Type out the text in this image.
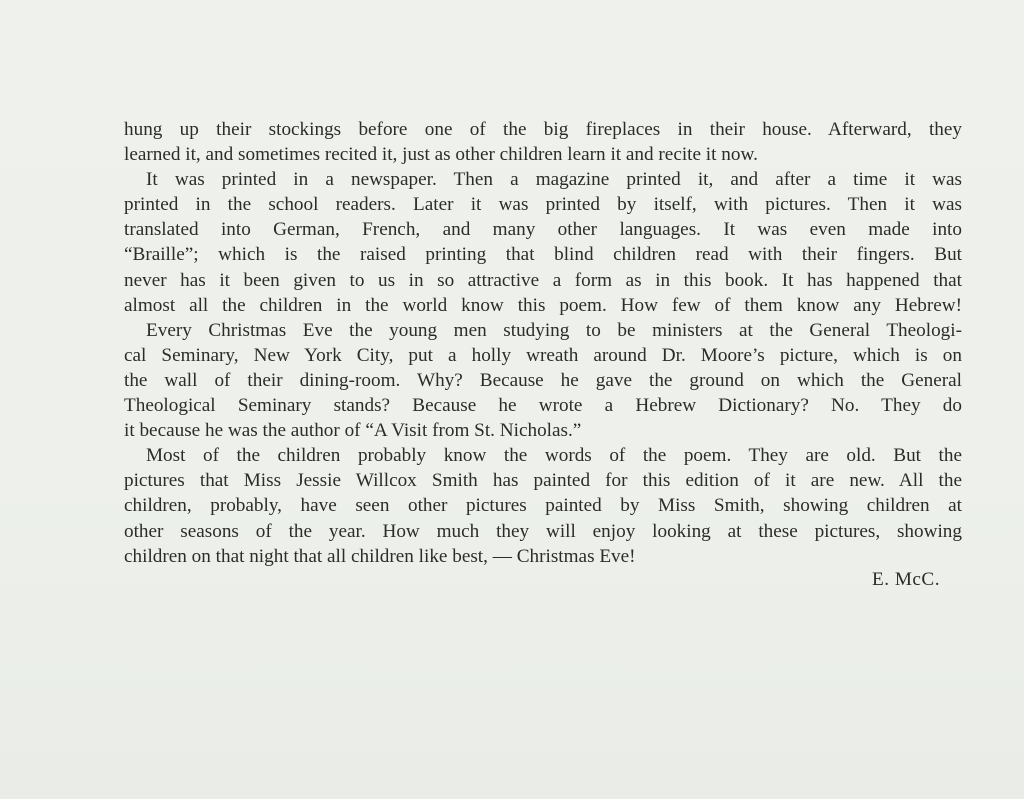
hung up their stockings before one of the big fireplaces in their house. Afterward, they
learned it, and sometimes recited it, just as other children learn it and recite it now.
It was printed in a newspaper. Then a magazine printed it, and after a time it was
printed in the school readers. Later it was printed by itself, with pictures. Then it was
translated into German, French, and many other languages. It was even made into
“Braille”; which is the raised printing that blind children read with their fingers. But
never has it been given to us in so attractive a form as in this book. It has happened that
almost all the children in the world know this poem. How few of them know any Hebrew!
Every Christmas Eve the young men studying to be ministers at the General Theologi-
cal Seminary, New York City, put a holly wreath around Dr. Moore’s picture, which is on
the wall of their dining-room. Why? Because he gave the ground on which the General
Theological Seminary stands? Because he wrote a Hebrew Dictionary? No. They do
it because he was the author of “A Visit from St. Nicholas.”
Most of the children probably know the words of the poem. They are old. But the
pictures that Miss Jessie Willcox Smith has painted for this edition of it are new. All the
children, probably, have seen other pictures painted by Miss Smith, showing children at
other seasons of the year. How much they will enjoy looking at these pictures, showing
children on that night that all children like best, — Christmas Eve!
E. McC.
